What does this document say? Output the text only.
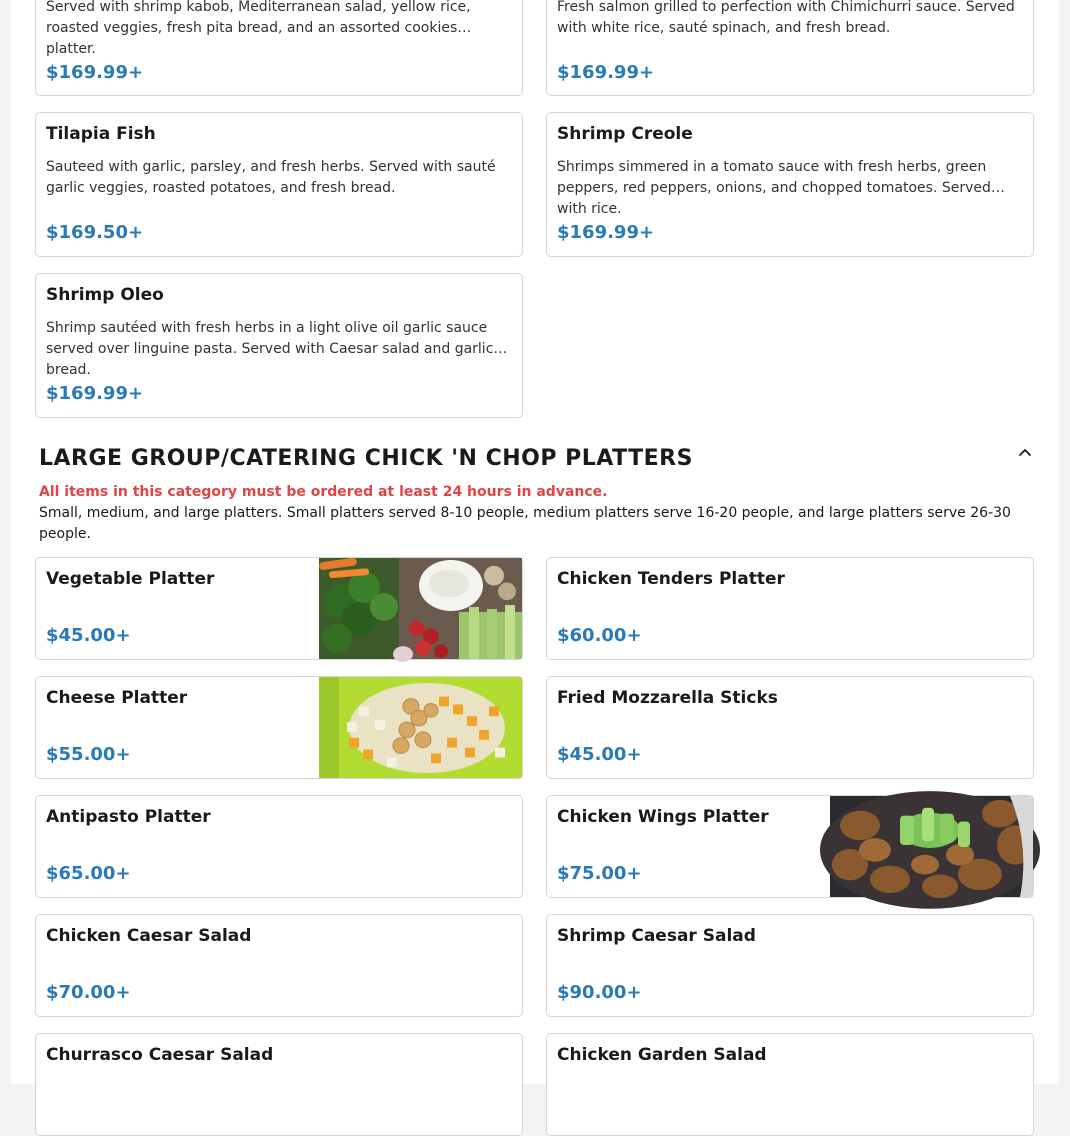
Served with shrimp kabob, Mediterranean salad, yellow rice, roasted veggies, fresh pita bread, and an assorted cookies platter.
$169.99+
Fresh salmon grilled to perfection with Chimichurri sauce. Served with white rice, sauté spinach, and fresh bread.
$169.99+
Tilapia Fish
Sauteed with garlic, parsley, and fresh herbs. Served with sauté garlic veggies, roasted potatoes, and fresh bread.
$169.50+
Shrimp Creole
Shrimps simmered in a tomato sauce with fresh herbs, green peppers, red peppers, onions, and chopped tomatoes. Served with rice.
$169.99+
Shrimp Oleo
Shrimp sautéed with fresh herbs in a light olive oil garlic sauce served over linguine pasta. Served with Caesar salad and garlic bread.
$169.99+
LARGE GROUP/CATERING CHICK 'N CHOP PLATTERS
All items in this category must be ordered at least 24 hours in advance.
Small, medium, and large platters. Small platters served 8-10 people, medium platters serve 16-20 people, and large platters serve 26-30 people.
Vegetable Platter
$45.00+
Chicken Tenders Platter
$60.00+
Cheese Platter
$55.00+
Fried Mozzarella Sticks
$45.00+
Antipasto Platter
$65.00+
Chicken Wings Platter
$75.00+
Chicken Caesar Salad
$70.00+
Shrimp Caesar Salad
$90.00+
Churrasco Caesar Salad	Chicken Garden Salad
